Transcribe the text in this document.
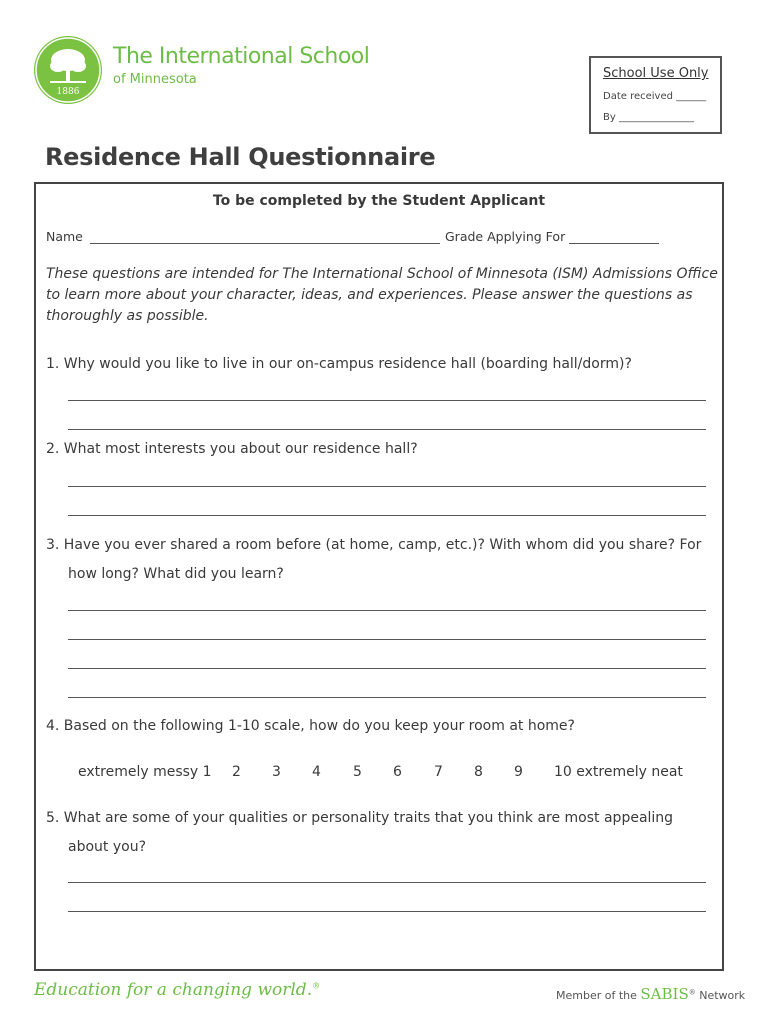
1886
The International School
of Minnesota	School Use Only
Date received ______
By _______________
Residence Hall Questionnaire
To be completed by the Student Applicant
Name	Grade Applying For
These questions are intended for The International School of Minnesota (ISM) Admissions Office
to learn more about your character, ideas, and experiences. Please answer the questions as
thoroughly as possible.
1. Why would you like to live in our on-campus residence hall (boarding hall/dorm)?
2. What most interests you about our residence hall?
3. Have you ever shared a room before (at home, camp, etc.)? With whom did you share? For
how long? What did you learn?
4. Based on the following 1-10 scale, how do you keep your room at home?
extremely messy 1 2 3 4 5 6 7 8 9 10 extremely neat
5. What are some of your qualities or personality traits that you think are most appealing
about you?
Education for a changing world.®
Member of the SABIS® Network
